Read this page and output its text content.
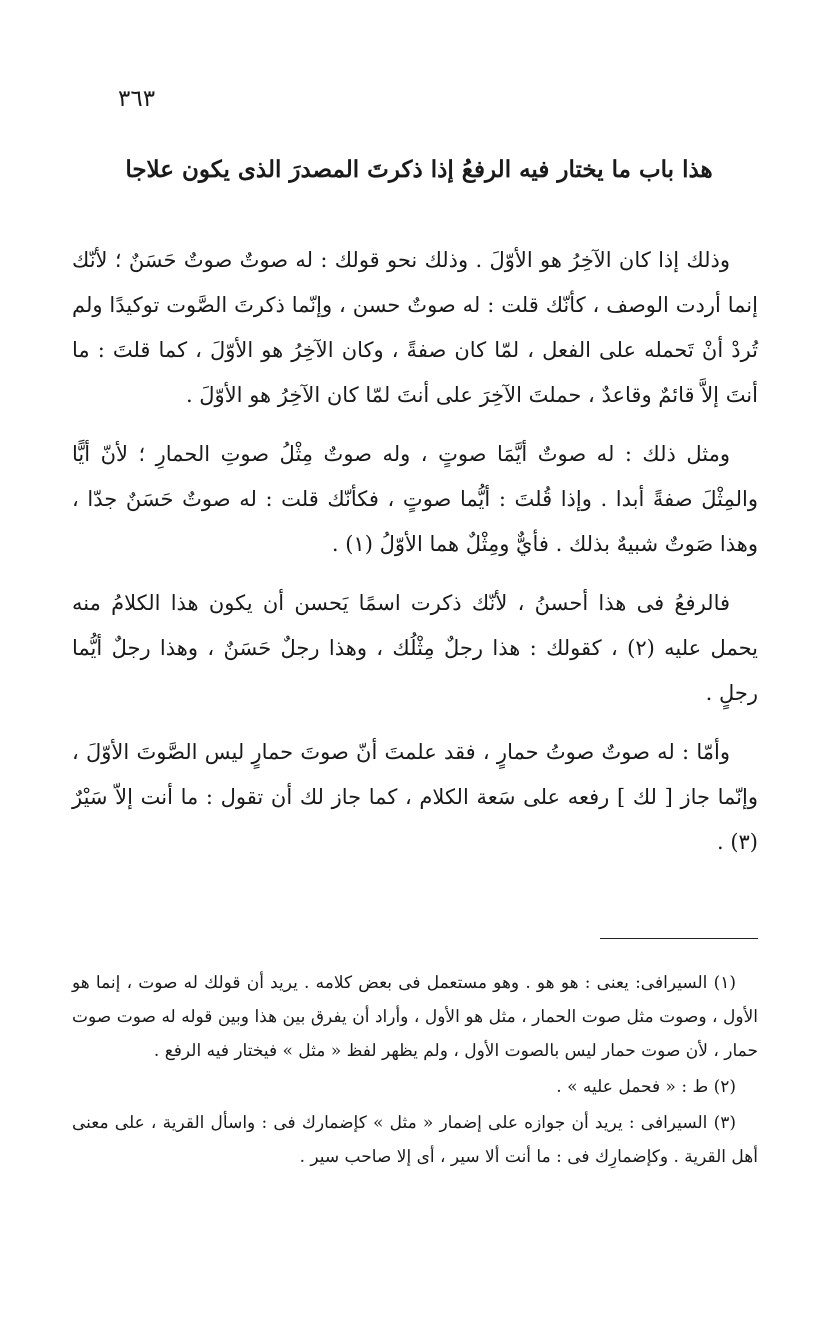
٣٦٣
هذا باب ما يختار فيه الرفعُ إذا ذكرتَ المصدرَ الذى يكون علاجا

وذلك إذا كان الآخِرُ هو الأوّلَ . وذلك نحو قولك : له صوتٌ صوتٌ حَسَنٌ ؛ لأنّك إنما أردت الوصف ، كأنّك قلت : له صوتٌ حسن ، وإنّما ذكرتَ الصَّوت توكيدًا ولم تُردْ أنْ تَحمله على الفعل ، لمّا كان صفةً ، وكان الآخِرُ هو الأوّلَ ، كما قلتَ : ما أنتَ إلاَّ قائمٌ وقاعدٌ ، حملتَ الآخِرَ على أنتَ لمّا كان الآخِرُ هو الأوّلَ .

ومثل ذلك : له صوتٌ أيَّمَا صوتٍ ، وله صوتٌ مِثْلُ صوتِ الحمارِ ؛ لأنّ أيًّا والمِثْلَ صفةً أبدا . وإذا قُلتَ : أيُّما صوتٍ ، فكأنّك قلت : له صوتٌ حَسَنٌ جدّا ، وهذا صَوتٌ شبيهٌ بذلك . فأيٌّ ومِثْلٌ هما الأوّلُ (١) .

فالرفعُ فى هذا أحسنُ ، لأنّك ذكرت اسمًا يَحسن أن يكون هذا الكلامُ منه يحمل عليه (٢) ، كقولك : هذا رجلٌ مِثْلُك ، وهذا رجلٌ حَسَنٌ ، وهذا رجلٌ أيُّما رجلٍ .

وأمّا : له صوتٌ صوتُ حمارٍ ، فقد علمتَ أنّ صوتَ حمارٍ ليس الصَّوتَ الأوّلَ ، وإنّما جاز [ لك ] رفعه على سَعة الكلام ، كما جاز لك أن تقول : ما أنت إلاّ سَيْرٌ (٣) .

(١) السيرافى: يعنى : هو هو . وهو مستعمل فى بعض كلامه . يريد أن قولك له صوت ، إنما هو الأول ، وصوت مثل صوت الحمار ، مثل هو الأول ، وأراد أن يفرق بين هذا وبين قوله له صوت صوت حمار ، لأن صوت حمار ليس بالصوت الأول ، ولم يظهر لفظ « مثل » فيختار فيه الرفع .

(٢) ط : « فحمل عليه » .

(٣) السيرافى : يريد أن جوازه على إضمار « مثل » كإضمارك فى : واسأل القرية ، على معنى أهل القرية . وكإضمارِك فى : ما أنت ألا سير ، أى إلا صاحب سير .
